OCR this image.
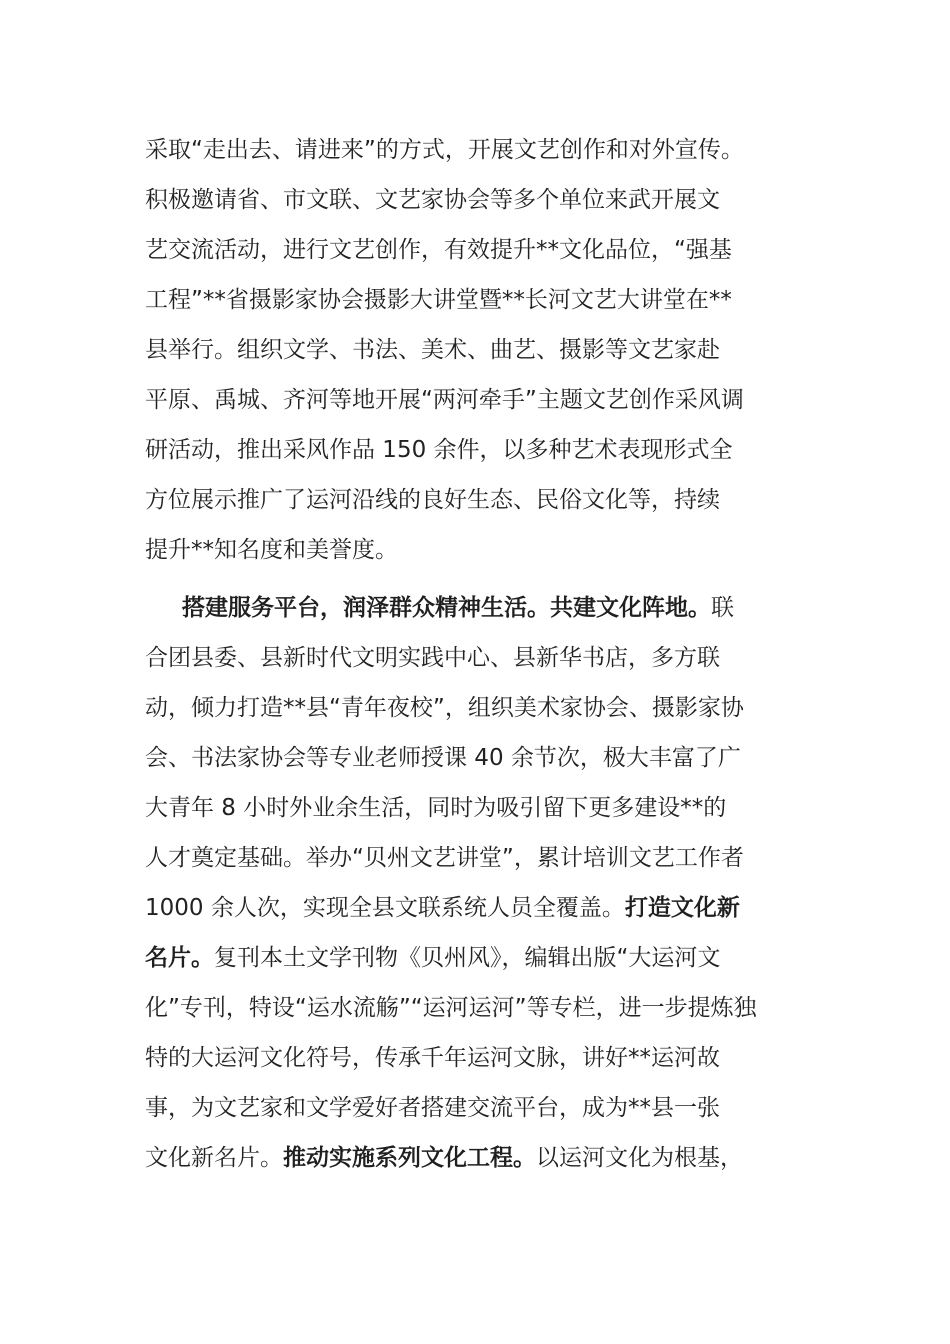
采取“走出去、请进来”的方式，开展文艺创作和对外宣传。
积极邀请省、市文联、文艺家协会等多个单位来武开展文
艺交流活动，进行文艺创作，有效提升**文化品位，“强基
工程”**省摄影家协会摄影大讲堂暨**长河文艺大讲堂在**
县举行。组织文学、书法、美术、曲艺、摄影等文艺家赴
平原、禹城、齐河等地开展“两河牵手”主题文艺创作采风调
研活动，推出采风作品 150 余件，以多种艺术表现形式全
方位展示推广了运河沿线的良好生态、民俗文化等，持续
提升**知名度和美誉度。
搭建服务平台，润泽群众精神生活。共建文化阵地。联
合团县委、县新时代文明实践中心、县新华书店，多方联
动，倾力打造**县“青年夜校”，组织美术家协会、摄影家协
会、书法家协会等专业老师授课 40 余节次，极大丰富了广
大青年 8 小时外业余生活，同时为吸引留下更多建设**的
人才奠定基础。举办“贝州文艺讲堂”，累计培训文艺工作者
1000 余人次，实现全县文联系统人员全覆盖。打造文化新
名片。复刊本土文学刊物《贝州风》，编辑出版“大运河文
化”专刊，特设“运水流觞”“运河运河”等专栏，进一步提炼独
特的大运河文化符号，传承千年运河文脉，讲好**运河故
事，为文艺家和文学爱好者搭建交流平台，成为**县一张
文化新名片。推动实施系列文化工程。以运河文化为根基，
